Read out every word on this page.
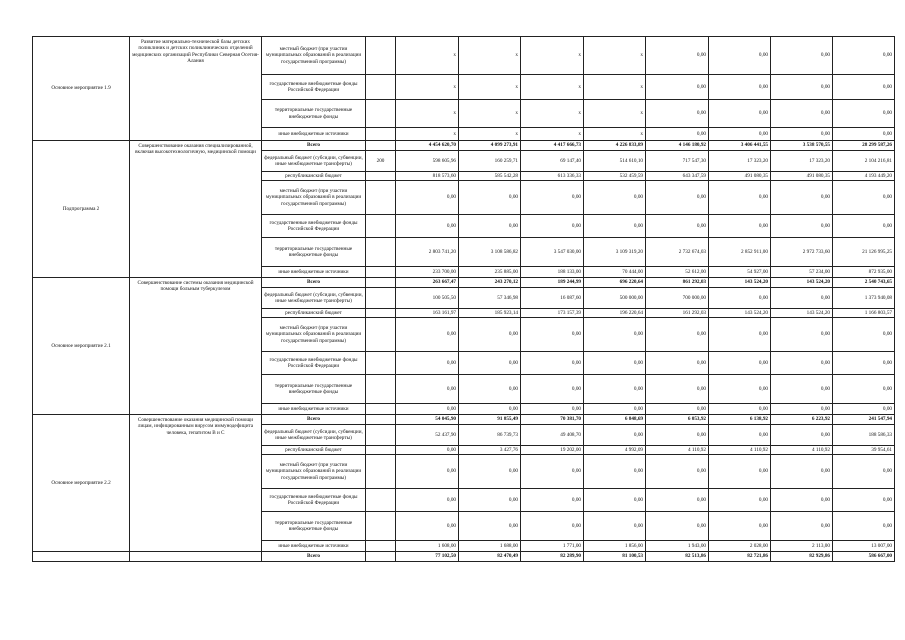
Основное мероприятие 1.9	Развитие материально-технической базы детских поликлиник и детских поликлинических отделений медицинских организаций Республики Северная Осетия-Алания	местный бюджет (при участии муниципальных образований в реализации государственной программы)		х	х	х	х	0,00	0,00	0,00	0,00
		государственные внебюджетные фонды Российской Федерации		х	х	х	х	0,00	0,00	0,00	0,00
		территориальные государственные внебюджетные фонды		х	х	х	х	0,00	0,00	0,00	0,00
		иные внебюджетные источники		х	х	х	х	0,00	0,00	0,00	0,00
Подпрограмма 2	Совершенствование оказания специализированной, включая высокотехнологичную, медицинской помощи	Всего		4 454 620,70	4 099 273,91	4 417 666,73	4 226 833,89	4 146 180,92	3 406 441,55	3 538 570,55	28 299 587,26
		федеральный бюджет (субсидии, субвенции, иные межбюджетные трансферты)	200	598 605,96	160 259,71	69 147,40	514 610,10	717 547,30	17 323,20	17 323,20	2 104 216,81
		республиканский бюджет		818 573,60	585 542,28	613 336,33	532 459,59	643 347,59	491 080,35	491 080,35	4 193 449,20
		местный бюджет (при участии муниципальных образований в реализации государственной программы)		0,00	0,00	0,00	0,00	0,00	0,00	0,00	0,00
		государственные внебюджетные фонды Российской Федерации		0,00	0,00	0,00	0,00	0,00	0,00	0,00	0,00
		территориальные государственные внебюджетные фонды		2 803 741,20	3 108 586,82	3 547 030,00	3 109 319,20	2 732 674,03	2 852 911,00	2 972 733,60	21 126 995,25
		иные внебюджетные источники		233 700,00	235 885,00	188 133,00	70 444,00	52 612,00	54 927,00	57 234,00	872 935,00
Основное мероприятие 2.1	Совершенствование системы оказания медицинской помощи больным туберкулезом	Всего		263 667,47	243 270,12	189 244,99	696 220,64	861 292,03	143 524,20	143 524,20	2 540 743,65
		федеральный бюджет (субсидии, субвенции, иные межбюджетные трансферты)		100 505,50	57 346,98	16 087,60	500 000,00	700 000,00	0,00	0,00	1 373 940,08
		республиканский бюджет		163 161,97	185 923,14	173 157,39	196 220,64	161 292,03	143 524,20	143 524,20	1 166 803,57
		местный бюджет (при участии муниципальных образований в реализации государственной программы)		0,00	0,00	0,00	0,00	0,00	0,00	0,00	0,00
		государственные внебюджетные фонды Российской Федерации		0,00	0,00	0,00	0,00	0,00	0,00	0,00	0,00
		территориальные государственные внебюджетные фонды		0,00	0,00	0,00	0,00	0,00	0,00	0,00	0,00
		иные внебюджетные источники		0,00	0,00	0,00	0,00	0,00	0,00	0,00	0,00
Основное мероприятие 2.2	Совершенствование оказания медицинской помощи лицам, инфицированным вирусом иммунодефицита человека, гепатитом В и С	Всего		54 045,90	91 855,49	70 381,70	6 848,69	6 053,92	6 138,92	6 223,92	241 547,94
		федеральный бюджет (субсидии, субвенции, иные межбюджетные трансферты)		52 437,90	86 739,73	49 408,70	0,00	0,00	0,00	0,00	188 586,33
		республиканский бюджет		0,00	3 427,76	19 202,00	4 992,09	4 110,92	4 110,92	4 110,92	39 954,61
		местный бюджет (при участии муниципальных образований в реализации государственной программы)		0,00	0,00	0,00	0,00	0,00	0,00	0,00	0,00
		государственные внебюджетные фонды Российской Федерации		0,00	0,00	0,00	0,00	0,00	0,00	0,00	0,00
		территориальные государственные внебюджетные фонды		0,00	0,00	0,00	0,00	0,00	0,00	0,00	0,00
		иные внебюджетные источники		1 608,00	1 688,00	1 771,00	1 856,00	1 943,00	2 028,00	2 113,00	13 007,00
		Всего		77 102,50	82 470,49	82 289,90	81 100,53	82 513,86	82 721,86	82 929,86	586 667,00
